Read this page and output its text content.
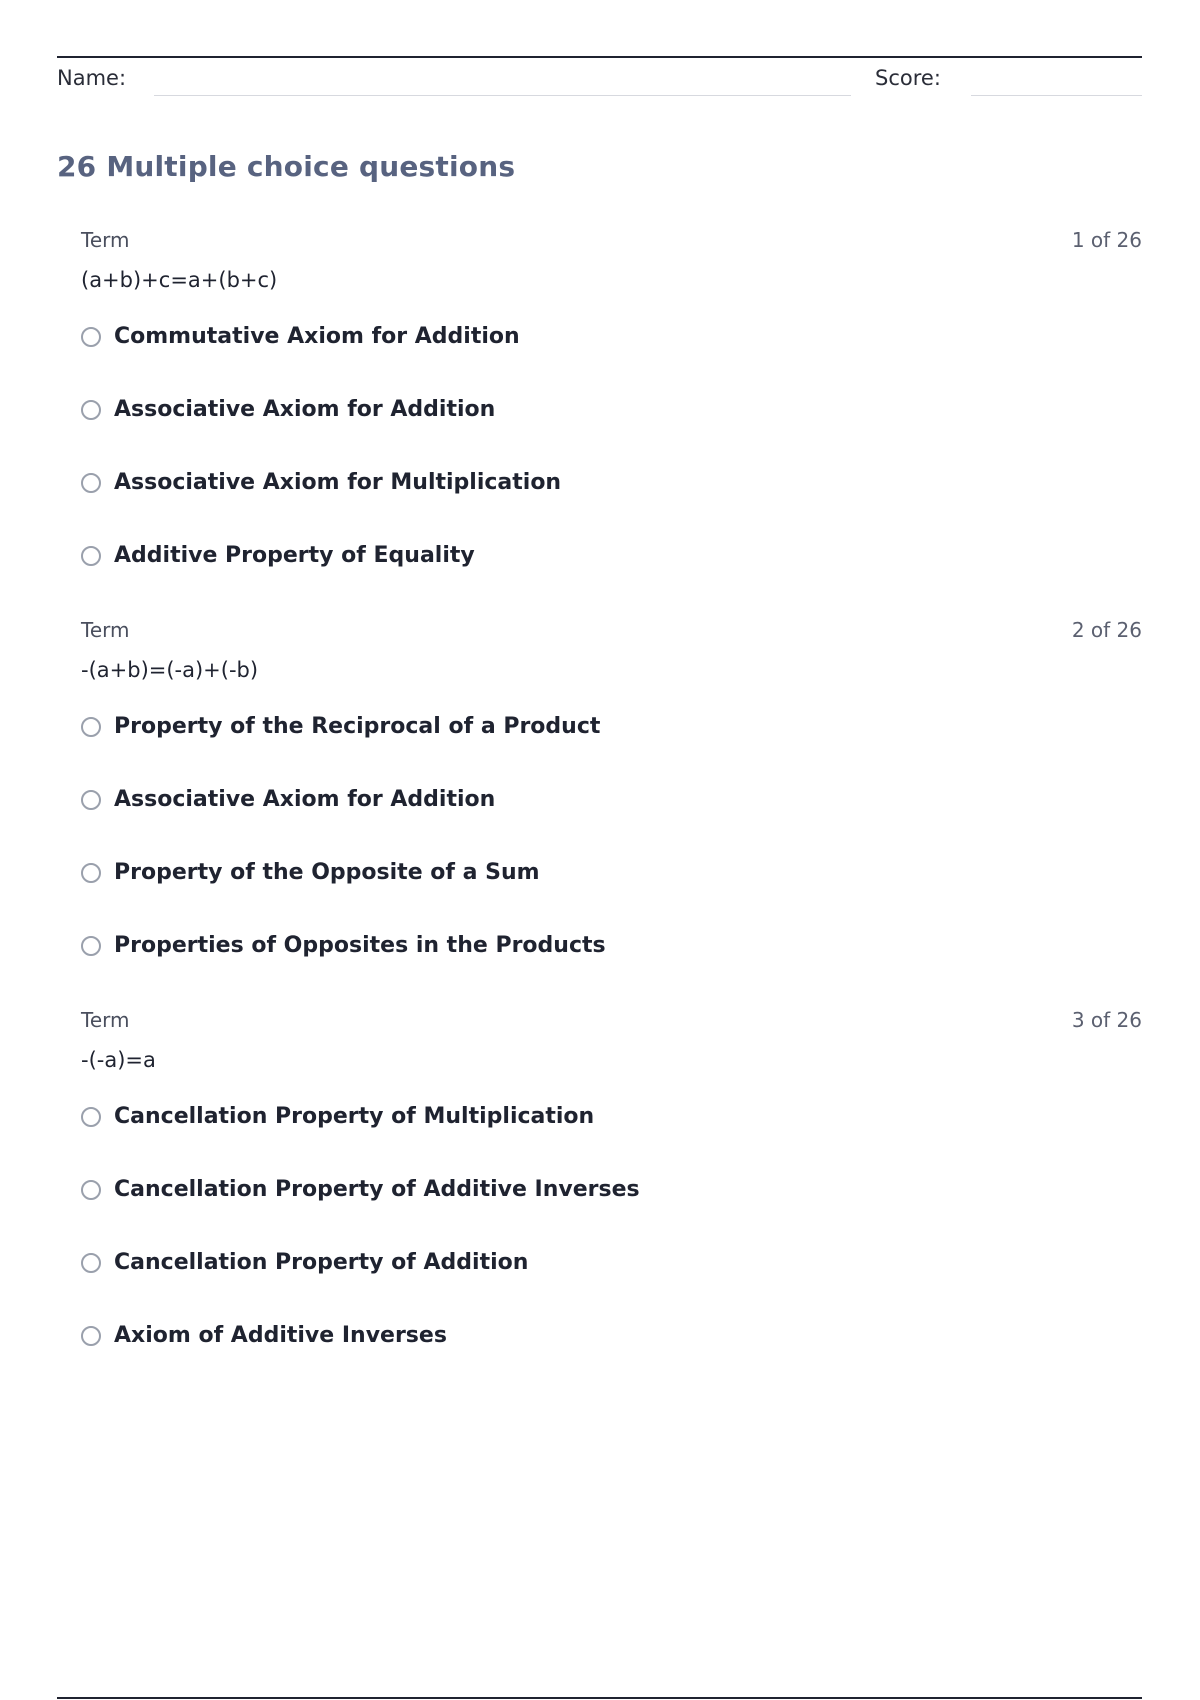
Name:	Score:
26 Multiple choice questions
Term	1 of 26
(a+b)+c=a+(b+c)
Commutative Axiom for Addition
Associative Axiom for Addition
Associative Axiom for Multiplication
Additive Property of Equality
Term	2 of 26
-(a+b)=(-a)+(-b)
Property of the Reciprocal of a Product
Associative Axiom for Addition
Property of the Opposite of a Sum
Properties of Opposites in the Products
Term	3 of 26
-(-a)=a
Cancellation Property of Multiplication
Cancellation Property of Additive Inverses
Cancellation Property of Addition
Axiom of Additive Inverses
